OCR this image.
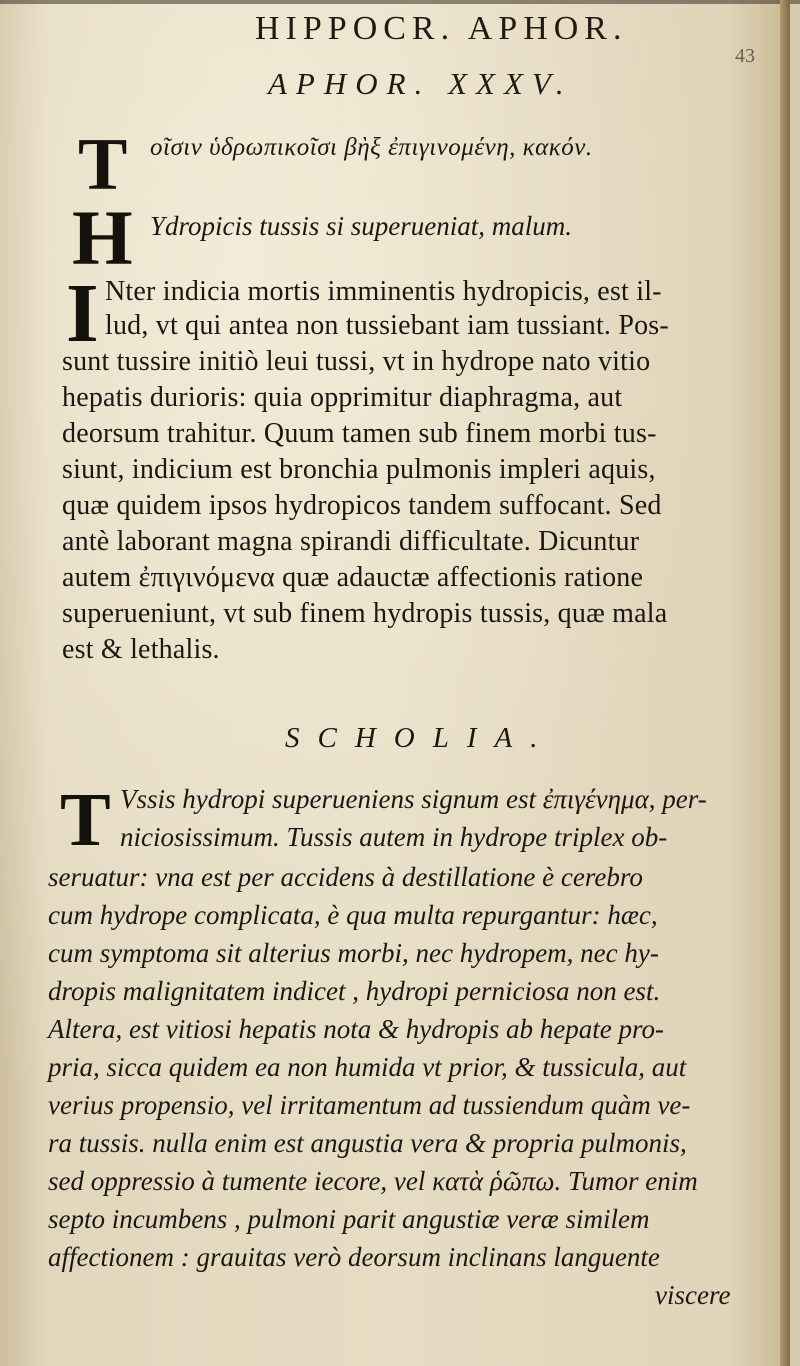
HIPPOCR. APHOR.
43
APHOR. XXXV.
T οῖσιν ὑδρωπικοῖσι βὴξ ἐπιγινομένη, κακόν.
H Ydropicis tussis si superueniat, malum.
I Nter indicia mortis imminentis hydropicis, est il-
lud, vt qui antea non tussiebant iam tussiant. Pos-
sunt tussire initiò leui tussi, vt in hydrope nato vitio
hepatis durioris: quia opprimitur diaphragma, aut
deorsum trahitur. Quum tamen sub finem morbi tus-
siunt, indicium est bronchia pulmonis impleri aquis,
quæ quidem ipsos hydropicos tandem suffocant. Sed
antè laborant magna spirandi difficultate. Dicuntur
autem ἐπιγινόμενα quæ adauctæ affectionis ratione
superueniunt, vt sub finem hydropis tussis, quæ mala
est & lethalis.
SCHOLIA.
T Vssis hydropi superueniens signum est ἐπιγένημα, per-
niciosissimum. Tussis autem in hydrope triplex ob-
seruatur: vna est per accidens à destillatione è cerebro
cum hydrope complicata, è qua multa repurgantur: hæc,
cum symptoma sit alterius morbi, nec hydropem, nec hy-
dropis malignitatem indicet , hydropi perniciosa non est.
Altera, est vitiosi hepatis nota & hydropis ab hepate pro-
pria, sicca quidem ea non humida vt prior, & tussicula, aut
verius propensio, vel irritamentum ad tussiendum quàm ve-
ra tussis. nulla enim est angustia vera & propria pulmonis,
sed oppressio à tumente iecore, vel κατὰ ῥῶπω. Tumor enim
septo incumbens , pulmoni parit angustiæ veræ similem
affectionem : grauitas verò deorsum inclinans languente
viscere
